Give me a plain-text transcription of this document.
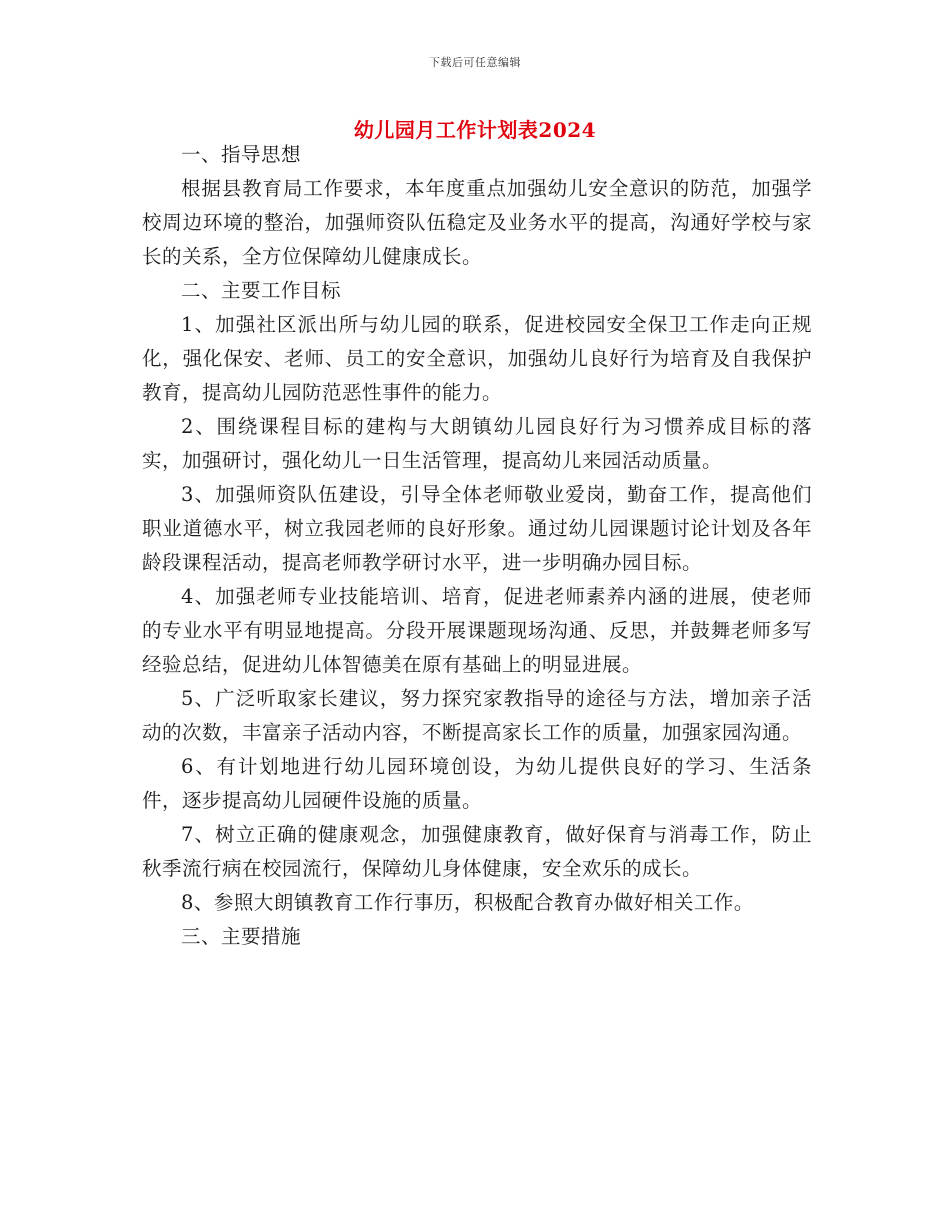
下载后可任意编辑
幼儿园月工作计划表2024

一、指导思想

根据县教育局工作要求，本年度重点加强幼儿安全意识的防范，加强学校周边环境的整治，加强师资队伍稳定及业务水平的提高，沟通好学校与家长的关系，全方位保障幼儿健康成长。

二、主要工作目标

1、加强社区派出所与幼儿园的联系，促进校园安全保卫工作走向正规化，强化保安、老师、员工的安全意识，加强幼儿良好行为培育及自我保护教育，提高幼儿园防范恶性事件的能力。

2、围绕课程目标的建构与大朗镇幼儿园良好行为习惯养成目标的落实，加强研讨，强化幼儿一日生活管理，提高幼儿来园活动质量。

3、加强师资队伍建设，引导全体老师敬业爱岗，勤奋工作，提高他们职业道德水平，树立我园老师的良好形象。通过幼儿园课题讨论计划及各年龄段课程活动，提高老师教学研讨水平，进一步明确办园目标。

4、加强老师专业技能培训、培育，促进老师素养内涵的进展，使老师的专业水平有明显地提高。分段开展课题现场沟通、反思，并鼓舞老师多写经验总结，促进幼儿体智德美在原有基础上的明显进展。

5、广泛听取家长建议，努力探究家教指导的途径与方法，增加亲子活动的次数，丰富亲子活动内容，不断提高家长工作的质量，加强家园沟通。

6、有计划地进行幼儿园环境创设，为幼儿提供良好的学习、生活条件，逐步提高幼儿园硬件设施的质量。

7、树立正确的健康观念，加强健康教育，做好保育与消毒工作，防止秋季流行病在校园流行，保障幼儿身体健康，安全欢乐的成长。

8、参照大朗镇教育工作行事历，积极配合教育办做好相关工作。

三、主要措施
